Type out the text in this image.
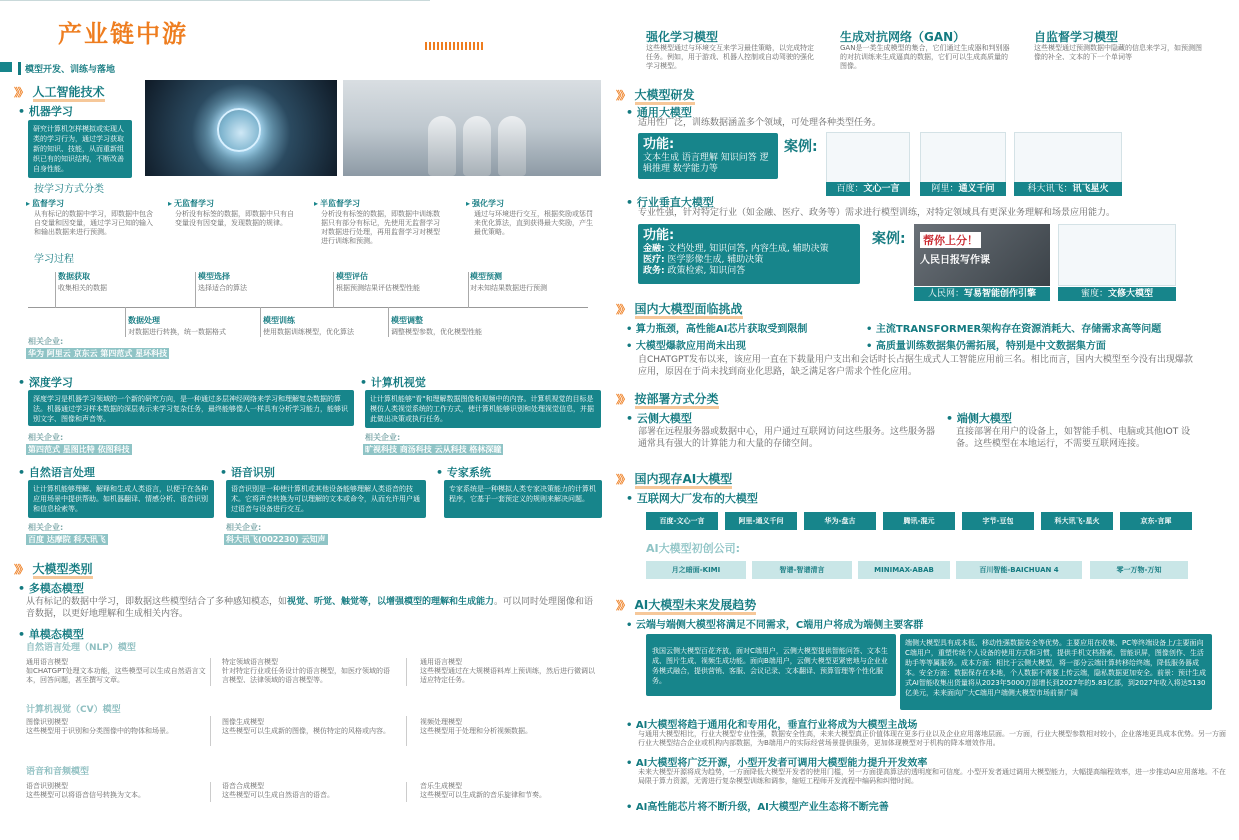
产业链中游
模型开发、训练与落地
》》 人工智能技术
• 机器学习
研究计算机怎样模拟或实现人类的学习行为，通过学习获取新的知识、技能，从而重新组织已有的知识结构，不断改善自身性能。
按学习方式分类
▸ 监督学习
从有标记的数据中学习，即数据中包含自变量和因变量，通过学习已知的输入和输出数据来进行预测。
▸ 无监督学习
分析没有标签的数据，即数据中只有自变量没有因变量，发现数据的规律。
▸ 半监督学习
分析没有标签的数据，即数据中训练数据只有部分有标记，先使用无监督学习对数据进行处理，再用监督学习对模型进行训练和预测。
▸ 强化学习
通过与环境进行交互，根据奖励或惩罚来优化算法，直到获得最大奖励，产生最优策略。
学习过程
数据获取
收集相关的数据
模型选择
选择适合的算法
模型评估
根据预测结果评估模型性能
模型预测
对未知结果数据进行预测
数据处理
对数据进行转换，统一数据格式
模型训练
使用数据训练模型，优化算法
模型调整
调整模型参数，优化模型性能
相关企业:
华为 阿里云 京东云 第四范式 星环科技
• 深度学习
深度学习是机器学习领域的一个新的研究方向，是一种通过多层神经网络来学习和理解复杂数据的算法。机器通过学习样本数据的深层表示来学习复杂任务，最终能够像人一样具有分析学习能力，能够识别文字、图像和声音等。
相关企业:
第四范式 星图比特 依图科技
• 计算机视觉
让计算机能够"看"和理解数据图像和视频中的内容。计算机视觉的目标是模仿人类视觉系统的工作方式，使计算机能够识别和处理视觉信息，并据此做出决策或执行任务。
相关企业:
旷视科技 商汤科技 云从科技 格林深瞳
• 自然语言处理
让计算机能够理解、解释和生成人类语言，以便于在各种应用场景中提供帮助。如机器翻译、情感分析、语音识别和信息检索等。
相关企业:
百度 达摩院 科大讯飞
• 语音识别
语音识别是一种使计算机或其他设备能够理解人类语音的技术。它将声音转换为可以理解的文本或命令，从而允许用户通过语音与设备进行交互。
相关企业:
科大讯飞(002230) 云知声
• 专家系统
专家系统是一种模拟人类专家决策能力的计算机程序，它基于一套预定义的规则来解决问题。
》》 大模型类别
• 多模态模型
从有标记的数据中学习，即数据这些模型结合了多种感知模态，如视觉、听觉、触觉等，以增强模型的理解和生成能力。可以同时处理图像和语音数据，以更好地理解和生成相关内容。
• 单模态模型
自然语言处理（NLP）模型
通用语言模型
如CHATGPT处理文本功能，这些模型可以生成自然语言文本，回答问题，甚至撰写文章。
特定领域语言模型
针对特定行业或任务设计的语言模型，如医疗领域的语言模型、法律领域的语言模型等。
通用语言模型
这些模型通过在大规模语料库上预训练，然后进行微调以适应特定任务。
计算机视觉（CV）模型
图像识别模型
这些模型用于识别和分类图像中的物体和场景。
图像生成模型
这些模型可以生成新的图像，模仿特定的风格或内容。
视频处理模型
这些模型用于处理和分析视频数据。
语音和音频模型
语音识别模型
这些模型可以将语音信号转换为文本。
语音合成模型
这些模型可以生成自然语言的语音。
音乐生成模型
这些模型可以生成新的音乐旋律和节奏。
强化学习模型
这些模型通过与环境交互来学习最佳策略，以完成特定任务。例如，用于游戏、机器人控制或自动驾驶的强化学习模型。
生成对抗网络（GAN）
GAN是一类生成模型的集合，它们通过生成器和判别器的对抗训练来生成逼真的数据，它们可以生成高质量的图像。
自监督学习模型
这些模型通过预测数据中隐藏的信息来学习，如预测图像的补全、文本的下一个单词等
》》 大模型研发
• 通用大模型
适用性广泛，训练数据涵盖多个领域，可处理各种类型任务。
功能:
文本生成 语言理解 知识问答 逻辑推理 数学能力等
案例:
百度：文心一言	阿里：通义千问	科大讯飞：讯飞星火
• 行业垂直大模型
专业性强，针对特定行业（如金融、医疗、政务等）需求进行模型训练，对特定领域具有更深业务理解和场景应用能力。
功能:
金融: 文档处理, 知识问答, 内容生成, 辅助决策
医疗: 医学影像生成, 辅助决策
政务: 政策检索, 知识问答
案例:	帮你上分！
人民日报写作课
人民网：写易智能创作引擎	蜜度：文修大模型
》》 国内大模型面临挑战
• 算力瓶颈，高性能AI芯片获取受到限制	• 主流TRANSFORMER架构存在资源消耗大、存储需求高等问题
• 大模型爆款应用尚未出现	• 高质量训练数据集仍需拓展，特别是中文数据集方面
自CHATGPT发布以来，该应用一直在下载量用户支出和会话时长占据生成式人工智能应用前三名。相比而言，国内大模型至今没有出现爆款应用，原因在于尚未找到商业化思路，缺乏满足客户需求个性化应用。
》》 按部署方式分类
• 云侧大模型
部署在远程服务器或数据中心，用户通过互联网访问这些服务。这些服务器通常具有强大的计算能力和大量的存储空间。
• 端侧大模型
直接部署在用户的设备上，如智能手机、电脑或其他IOT 设备。这些模型在本地运行，不需要互联网连接。
》》 国内现存AI大模型
• 互联网大厂发布的大模型
百度-文心一言	阿里-通义千问	华为-盘古	腾讯-混元	字节-豆包	科大讯飞-星火	京东-言犀
AI大模型初创公司:
月之暗面-KIMI	智谱-智谱清言	MINIMAX-ABAB	百川智能-BAICHUAN 4	零一万物-万知
》》 AI大模型未来发展趋势
• 云端与端侧大模型将满足不同需求，C端用户将成为端侧主要客群
我国云侧大模型百花齐放，面对C端用户，云侧大模型提供智能问答、文本生成、图片生成、视频生成功能。面向B端用户，云侧大模型更紧密地与企业业务模式融合，提供营销、客服、会议记录、文本翻译、预算管理等个性化服务。
端侧大模型具有成本低、移动性强数据安全等优势。主要应用在收集、PC等终端设备上/主要面向C端用户，重塑传统个人设备的使用方式和习惯，提供手机文档搜索，智能识屏，图像创作、生活助手等等属服务。成本方面：相比于云侧大模型，将一部分云端计算转移给终端，降低服务器成本。安全方面：数据保存在本地，个人数据不需要上传云端，隐私数据更加安全。前景：预计生成式AI智能收集出货量将从2023年5000万部增长到2027年的5.83亿部，到2027年收入将达5130亿美元，未来面向广大C端用户端侧大模型市场前景广阔
• AI大模型将趋于通用化和专用化，垂直行业将成为大模型主战场
与通用大模型相比，行业大模型专业性强，数据安全性高，未来大模型真正价值体现在更多行业以及企业应用落地层面。一方面，行业大模型参数相对较小，企业落地更具成本优势。另一方面行业大模型结合企业或机构内部数据，为B端用户的实际经营场景提供服务，更加体现模型对于机构的降本增效作用。
• AI大模型将广泛开源，小型开发者可调用大模型能力提升开发效率
未来大模型开源将成为趋势，一方面降低大模型开发者的使用门槛，另一方面提高算法的透明度和可信度。小型开发者通过调用大模型能力，大幅提高编程效率，进一步推动AI应用落地。不在局限于算力资源，无需进行复杂模型训练和调参，缩短工程师开发流程中编码和纠错时间。
• AI高性能芯片将不断升级，AI大模型产业生态将不断完善
